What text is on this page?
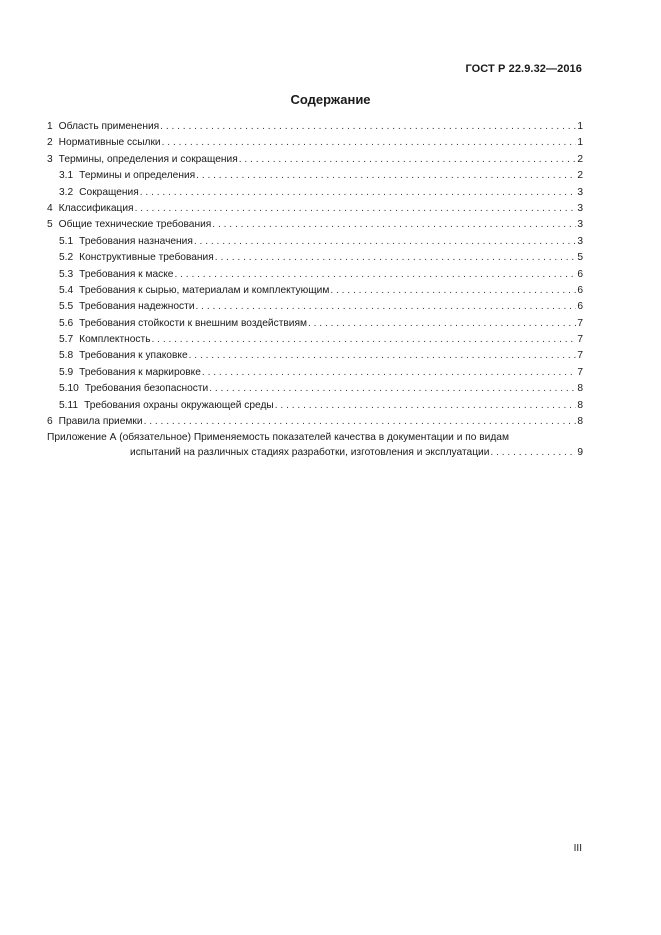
ГОСТ Р 22.9.32—2016
Содержание
1 Область применения . . .	1
2 Нормативные ссылки . . .	1
3 Термины, определения и сокращения . . .	2
3.1 Термины и определения . . .	2
3.2 Сокращения . . .	3
4 Классификация . . .	3
5 Общие технические требования . . .	3
5.1 Требования назначения . . .	3
5.2 Конструктивные требования . . .	5
5.3 Требования к маске . . .	6
5.4 Требования к сырью, материалам и комплектующим . . .	6
5.5 Требования надежности . . .	6
5.6 Требования стойкости к внешним воздействиям . . .	7
5.7 Комплектность . . .	7
5.8 Требования к упаковке . . .	7
5.9 Требования к маркировке . . .	7
5.10 Требования безопасности . . .	8
5.11 Требования охраны окружающей среды . . .	8
6 Правила приемки . . .	8
Приложение А (обязательное) Применяемость показателей качества в документации и по видам
испытаний на различных стадиях разработки, изготовления и эксплуатации . . .	9
III
